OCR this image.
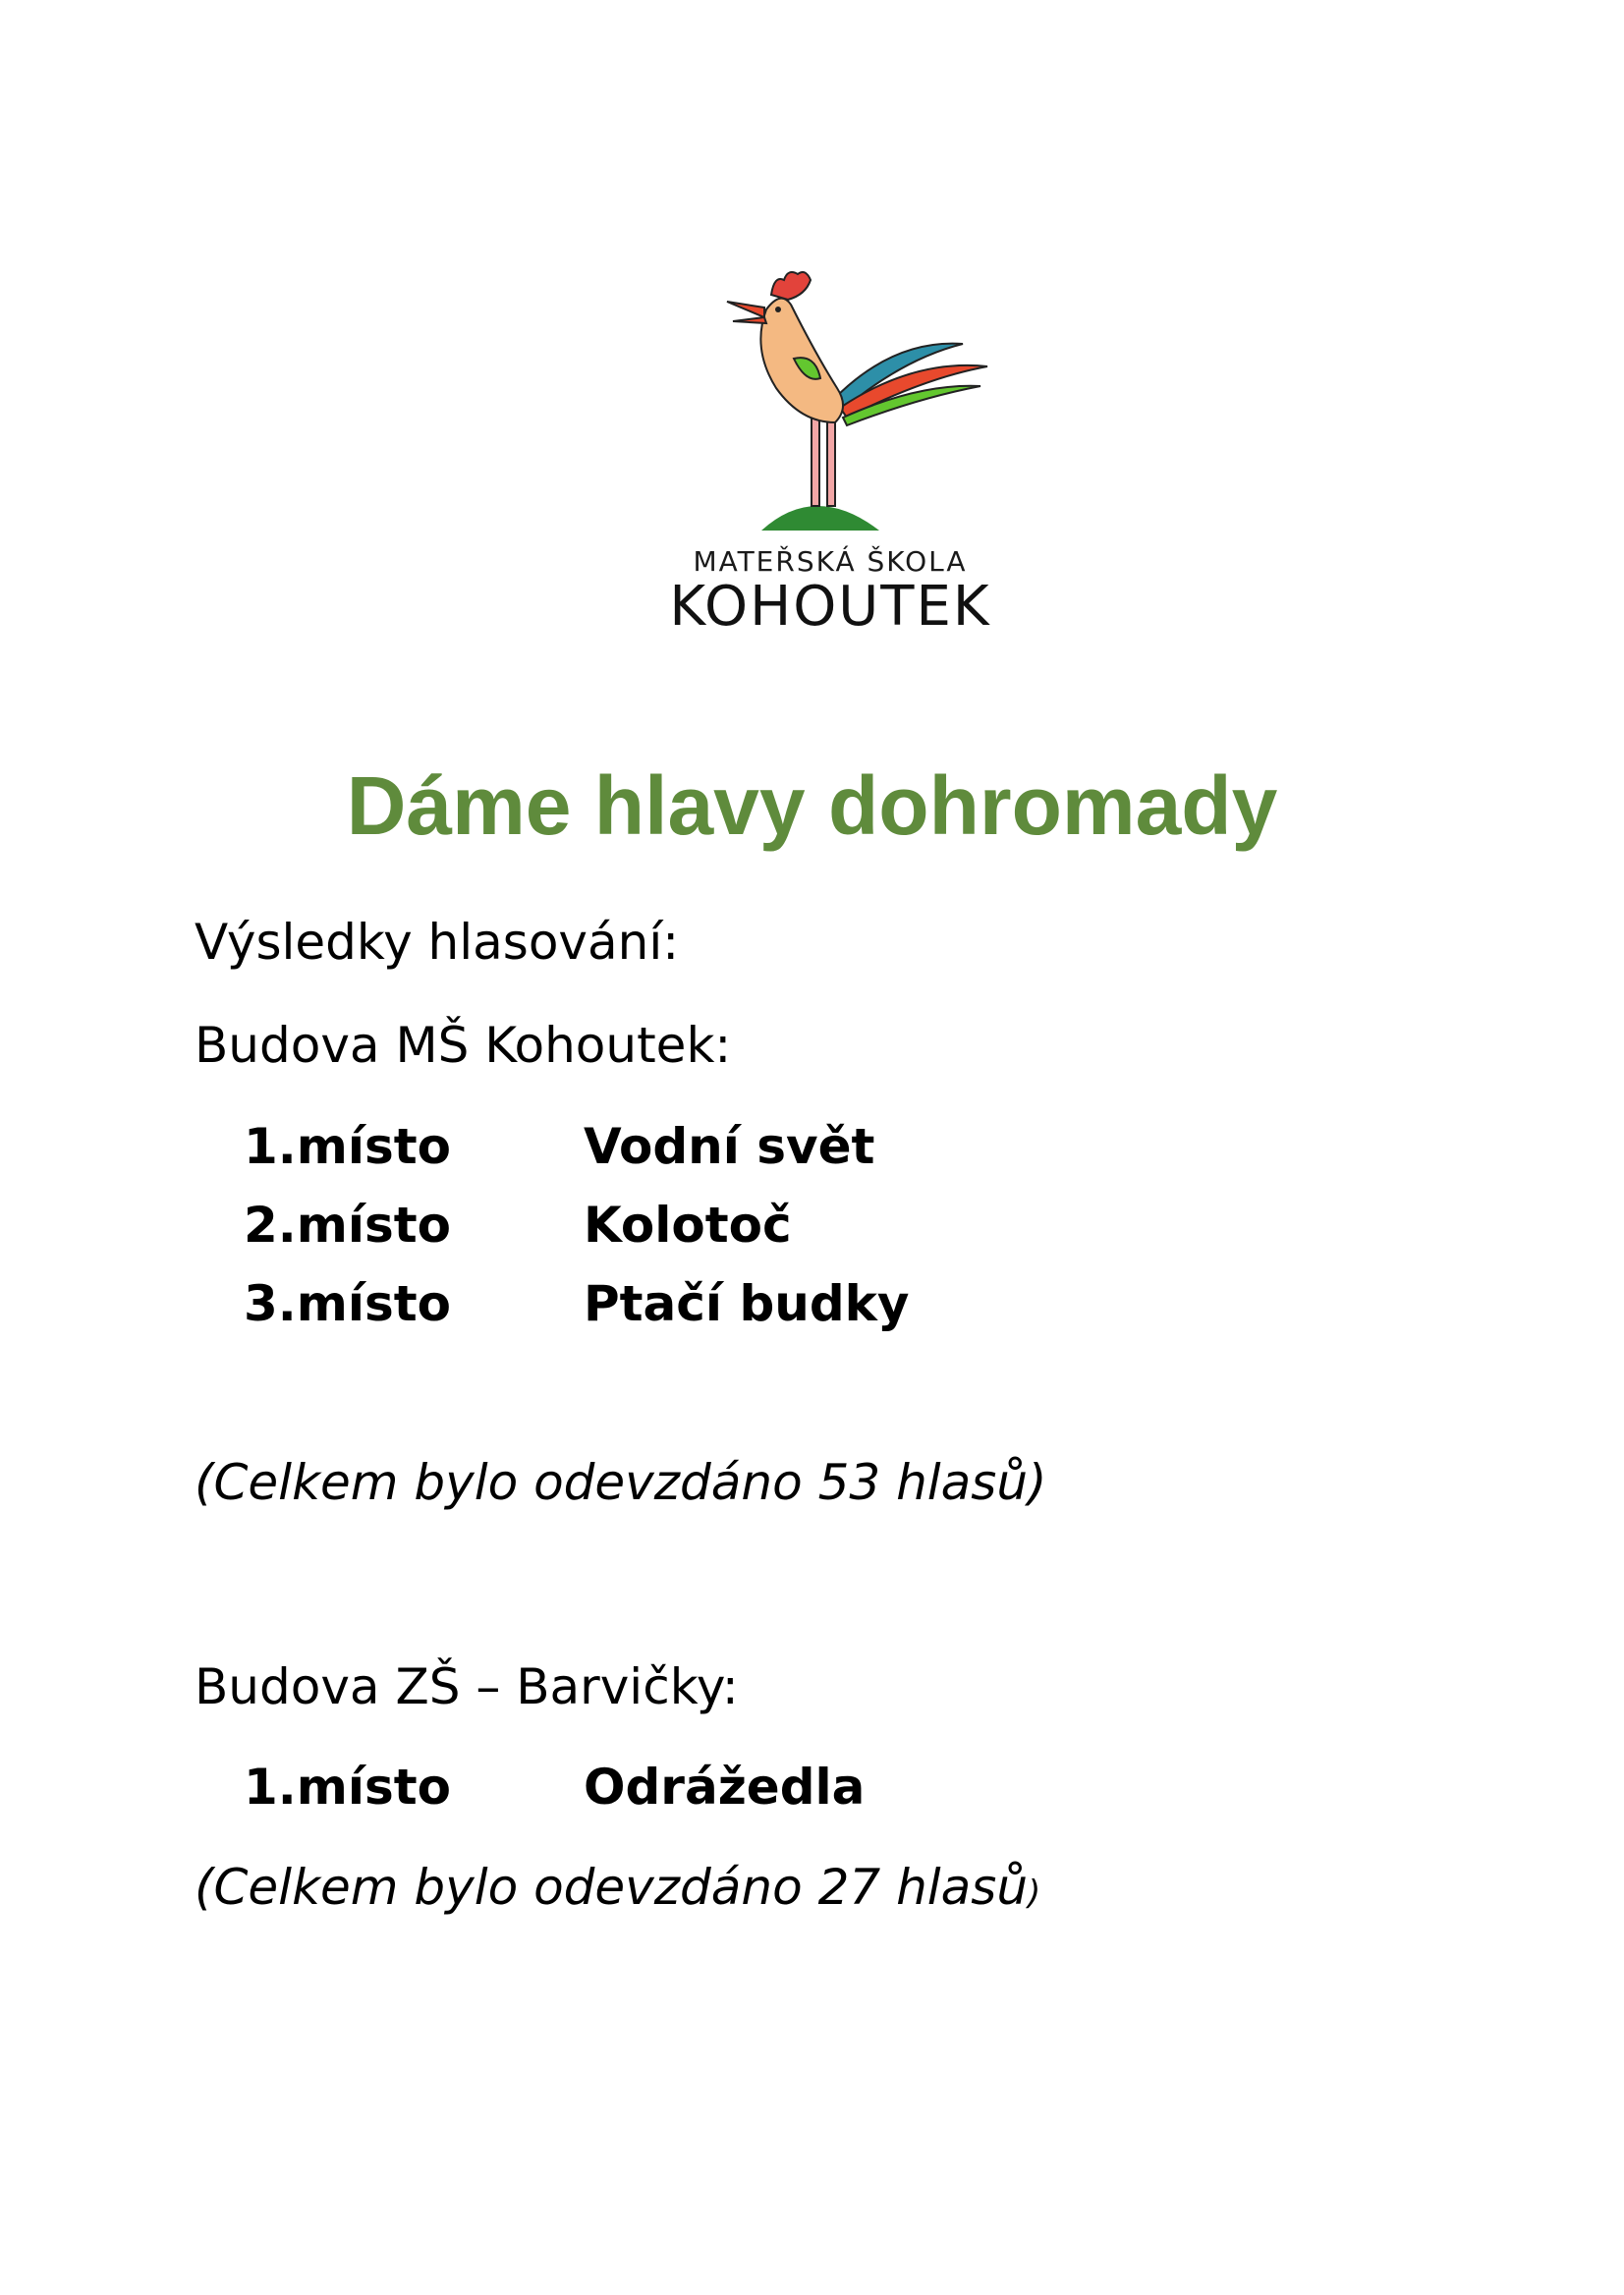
MATEŘSKÁ ŠKOLA
KOHOUTEK
Dáme hlavy dohromady
Výsledky hlasování:
Budova MŠ Kohoutek:
1.místo	Vodní svět
2.místo	Kolotoč
3.místo	Ptačí budky
(Celkem bylo odevzdáno 53 hlasů)
Budova ZŠ – Barvičky:
1.místo	Odrážedla
(Celkem bylo odevzdáno 27 hlasů)
